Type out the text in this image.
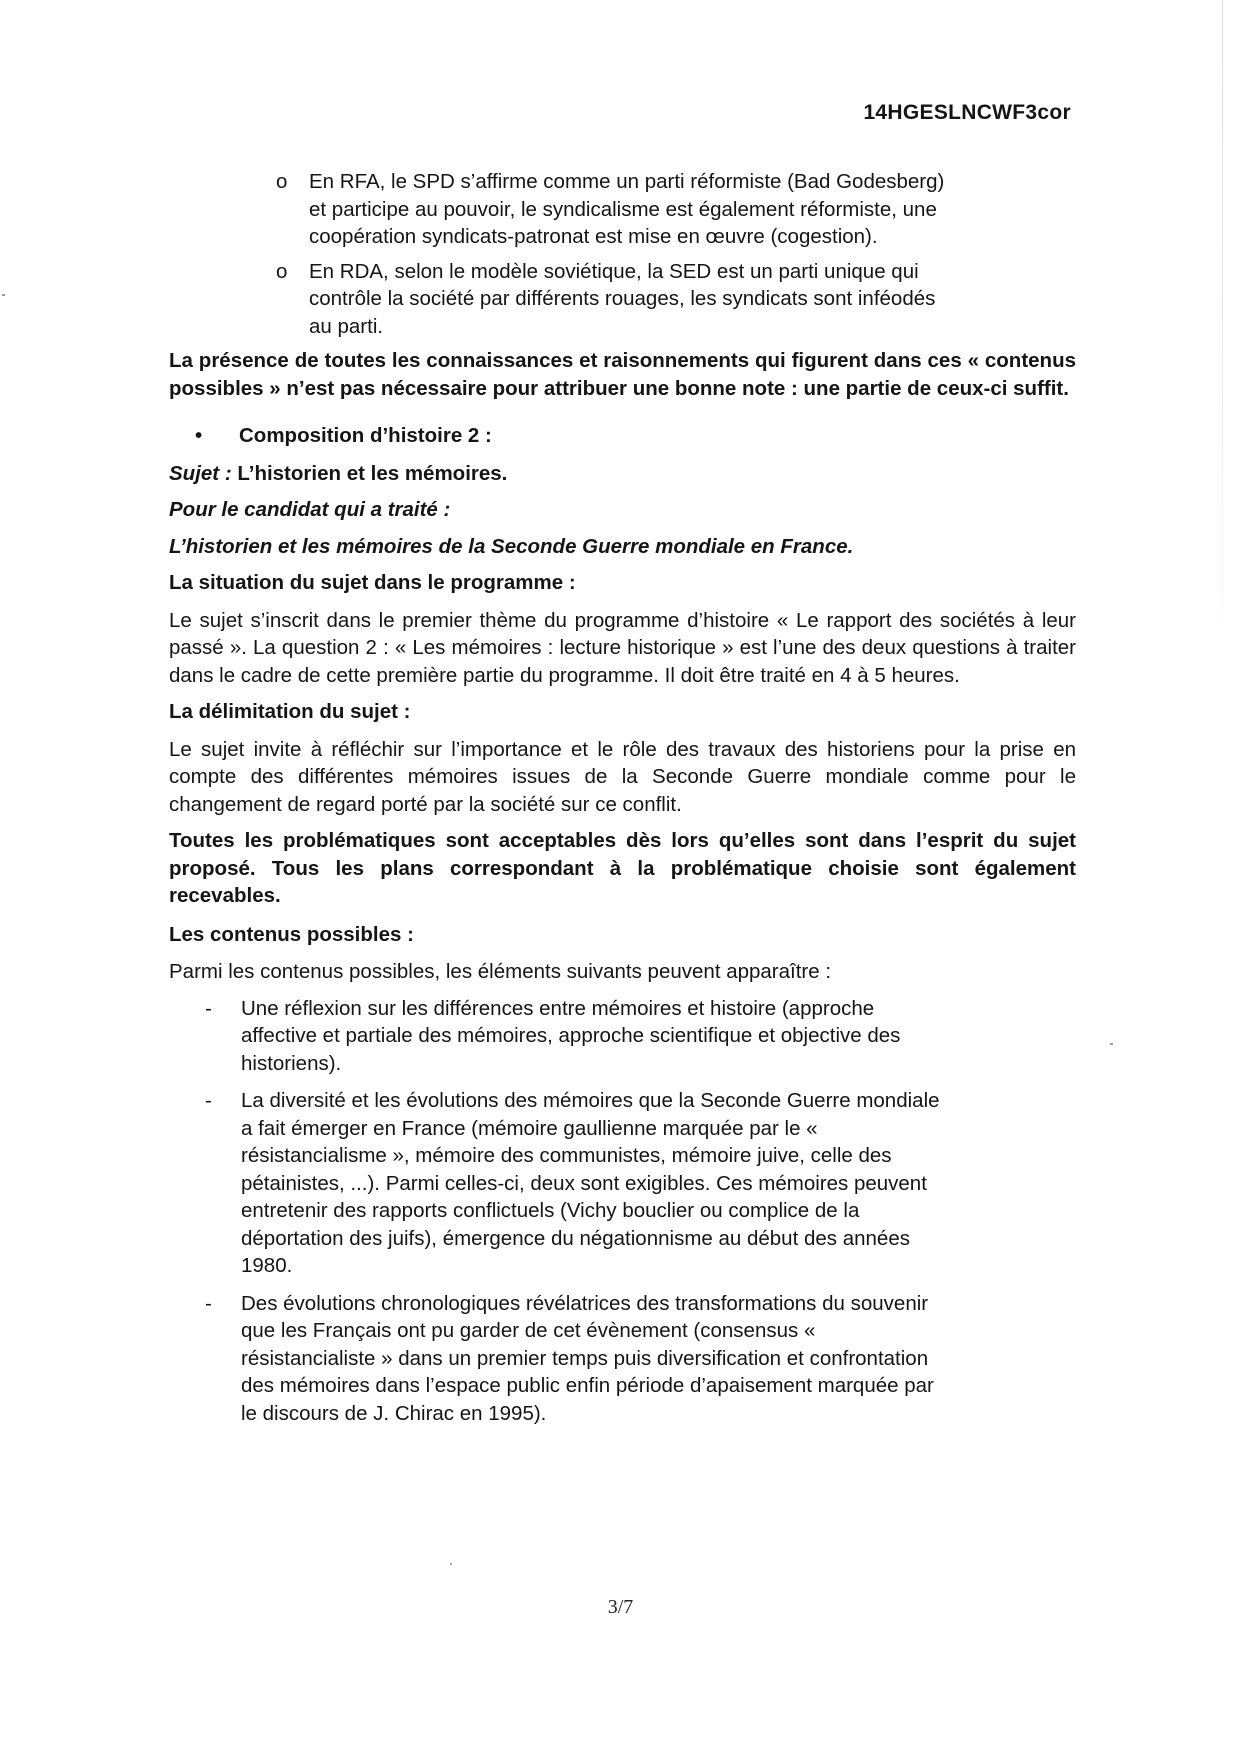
14HGESLNCWF3cor
o En RFA, le SPD s’affirme comme un parti réformiste (Bad Godesberg)
et participe au pouvoir, le syndicalisme est également réformiste, une
coopération syndicats-patronat est mise en œuvre (cogestion).
o En RDA, selon le modèle soviétique, la SED est un parti unique qui
contrôle la société par différents rouages, les syndicats sont inféodés
au parti.

La présence de toutes les connaissances et raisonnements qui figurent dans ces « contenus possibles » n’est pas nécessaire pour attribuer une bonne note : une partie de ceux-ci suffit.

• Composition d’histoire 2 :

Sujet : L’historien et les mémoires.

Pour le candidat qui a traité :

L’historien et les mémoires de la Seconde Guerre mondiale en France.

La situation du sujet dans le programme :

Le sujet s’inscrit dans le premier thème du programme d’histoire « Le rapport des sociétés à leur passé ». La question 2 : « Les mémoires : lecture historique » est l’une des deux questions à traiter dans le cadre de cette première partie du programme. Il doit être traité en 4 à 5 heures.

La délimitation du sujet :

Le sujet invite à réfléchir sur l’importance et le rôle des travaux des historiens pour la prise en compte des différentes mémoires issues de la Seconde Guerre mondiale comme pour le changement de regard porté par la société sur ce conflit.

Toutes les problématiques sont acceptables dès lors qu’elles sont dans l’esprit du sujet proposé. Tous les plans correspondant à la problématique choisie sont également recevables.

Les contenus possibles :

Parmi les contenus possibles, les éléments suivants peuvent apparaître :

- Une réflexion sur les différences entre mémoires et histoire (approche
affective et partiale des mémoires, approche scientifique et objective des
historiens).
- La diversité et les évolutions des mémoires que la Seconde Guerre mondiale
a fait émerger en France (mémoire gaullienne marquée par le «
résistancialisme », mémoire des communistes, mémoire juive, celle des
pétainistes, ...). Parmi celles-ci, deux sont exigibles. Ces mémoires peuvent
entretenir des rapports conflictuels (Vichy bouclier ou complice de la
déportation des juifs), émergence du négationnisme au début des années
1980.
- Des évolutions chronologiques révélatrices des transformations du souvenir
que les Français ont pu garder de cet évènement (consensus «
résistancialiste » dans un premier temps puis diversification et confrontation
des mémoires dans l’espace public enfin période d’apaisement marquée par
le discours de J. Chirac en 1995).
3/7
